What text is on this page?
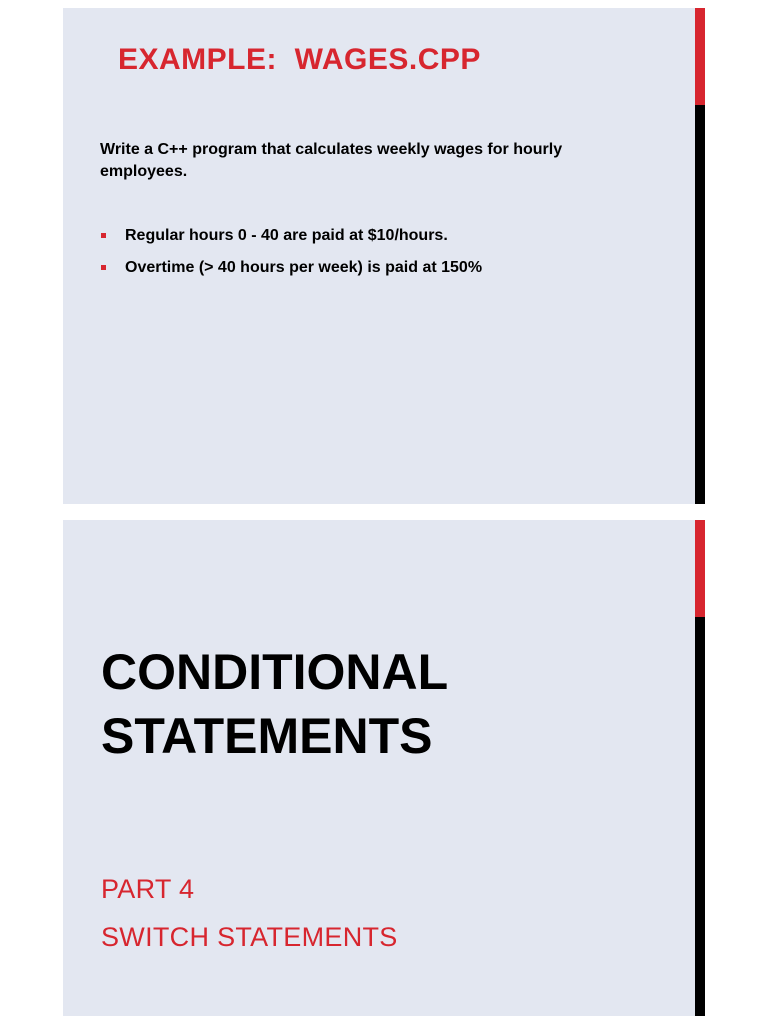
EXAMPLE:  WAGES.CPP

Write a C++ program that calculates weekly wages for hourly employees.

Regular hours 0 - 40 are paid at $10/hours.
Overtime (> 40 hours per week) is paid at 150%
CONDITIONAL
STATEMENTS
PART 4
SWITCH STATEMENTS
